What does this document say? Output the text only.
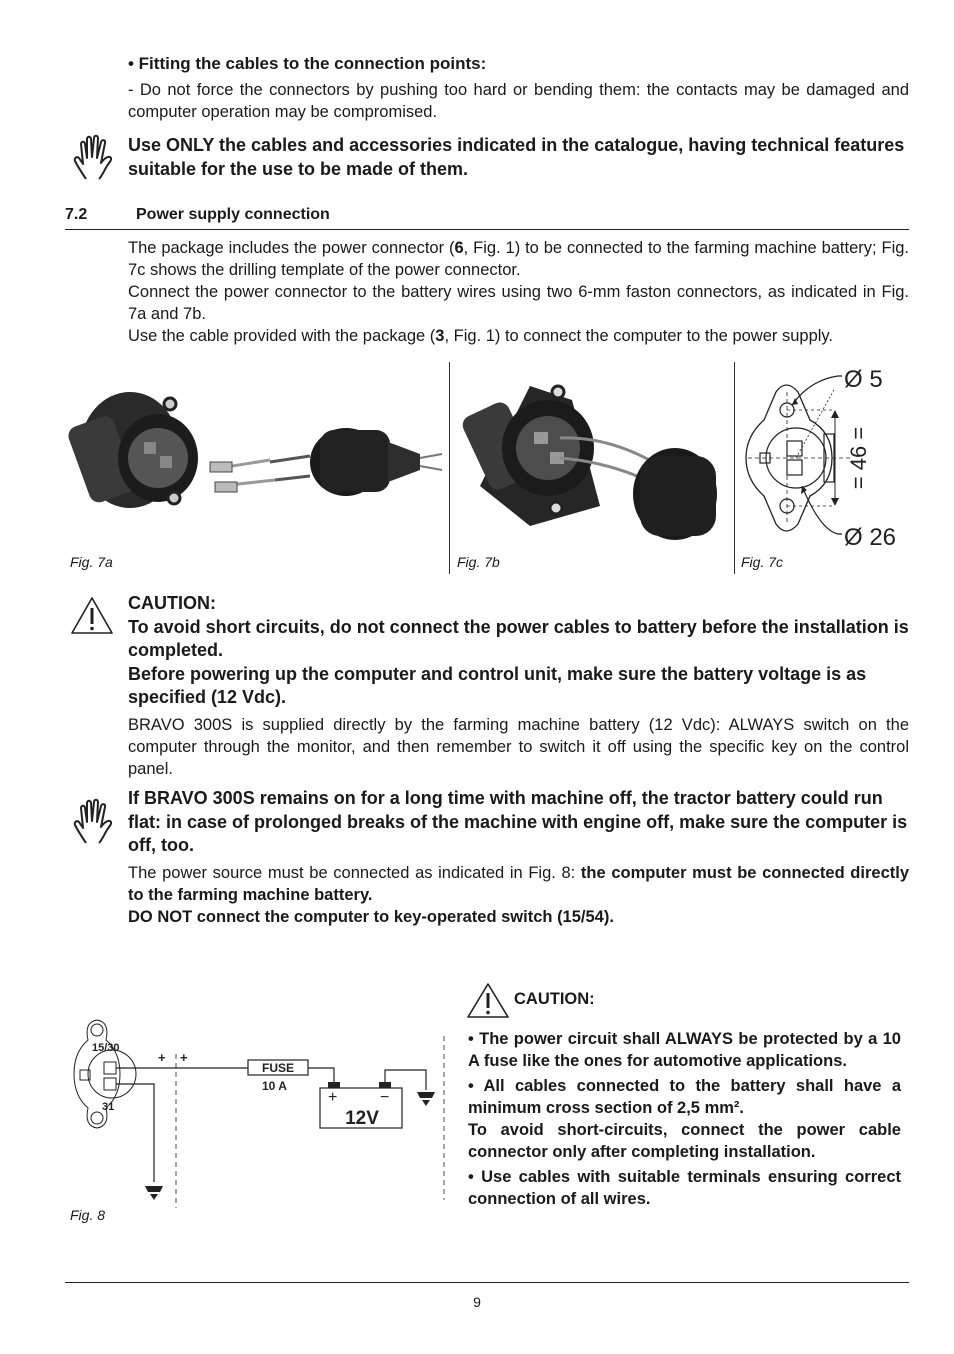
• Fitting the cables to the connection points:
- Do not force the connectors by pushing too hard or bending them: the contacts may be damaged and computer operation may be compromised.
Use ONLY the cables and accessories indicated in the catalogue, having technical features suitable for the use to be made of them.
7.2	Power supply connection
The package includes the power connector (6, Fig. 1) to be connected to the farming machine battery; Fig. 7c shows the drilling template of the power connector.
Connect the power connector to the battery wires using two 6-mm faston connectors, as indicated in Fig. 7a and 7b.
Use the cable provided with the package (3, Fig. 1) to connect the computer to the power supply.
Fig. 7a	Fig. 7b
Ø 5
Ø 26
= 46 =
Fig. 7c
CAUTION:
To avoid short circuits, do not connect the power cables to battery before the installation is completed.
Before powering up the computer and control unit, make sure the battery voltage is as specified (12 Vdc).
BRAVO 300S is supplied directly by the farming machine battery (12 Vdc): ALWAYS switch on the computer through the monitor, and then remember to switch it off using the specific key on the control panel.
If BRAVO 300S remains on for a long time with machine off, the tractor battery could run flat: in case of prolonged breaks of the machine with engine off, make sure the computer is off, too.
The power source must be connected as indicated in Fig. 8: the computer must be connected directly to the farming machine battery.
DO NOT connect the computer to key-operated switch (15/54).
15/30
31
FUSE
10 A
+ +
+	−
12V
Fig. 8
CAUTION:
• The power circuit shall ALWAYS be protected by a 10 A fuse like the ones for automotive applications.
• All cables connected to the battery shall have a minimum cross section of 2,5 mm².
To avoid short-circuits, connect the power cable connector only after completing installation.
• Use cables with suitable terminals ensuring correct connection of all wires.
9
